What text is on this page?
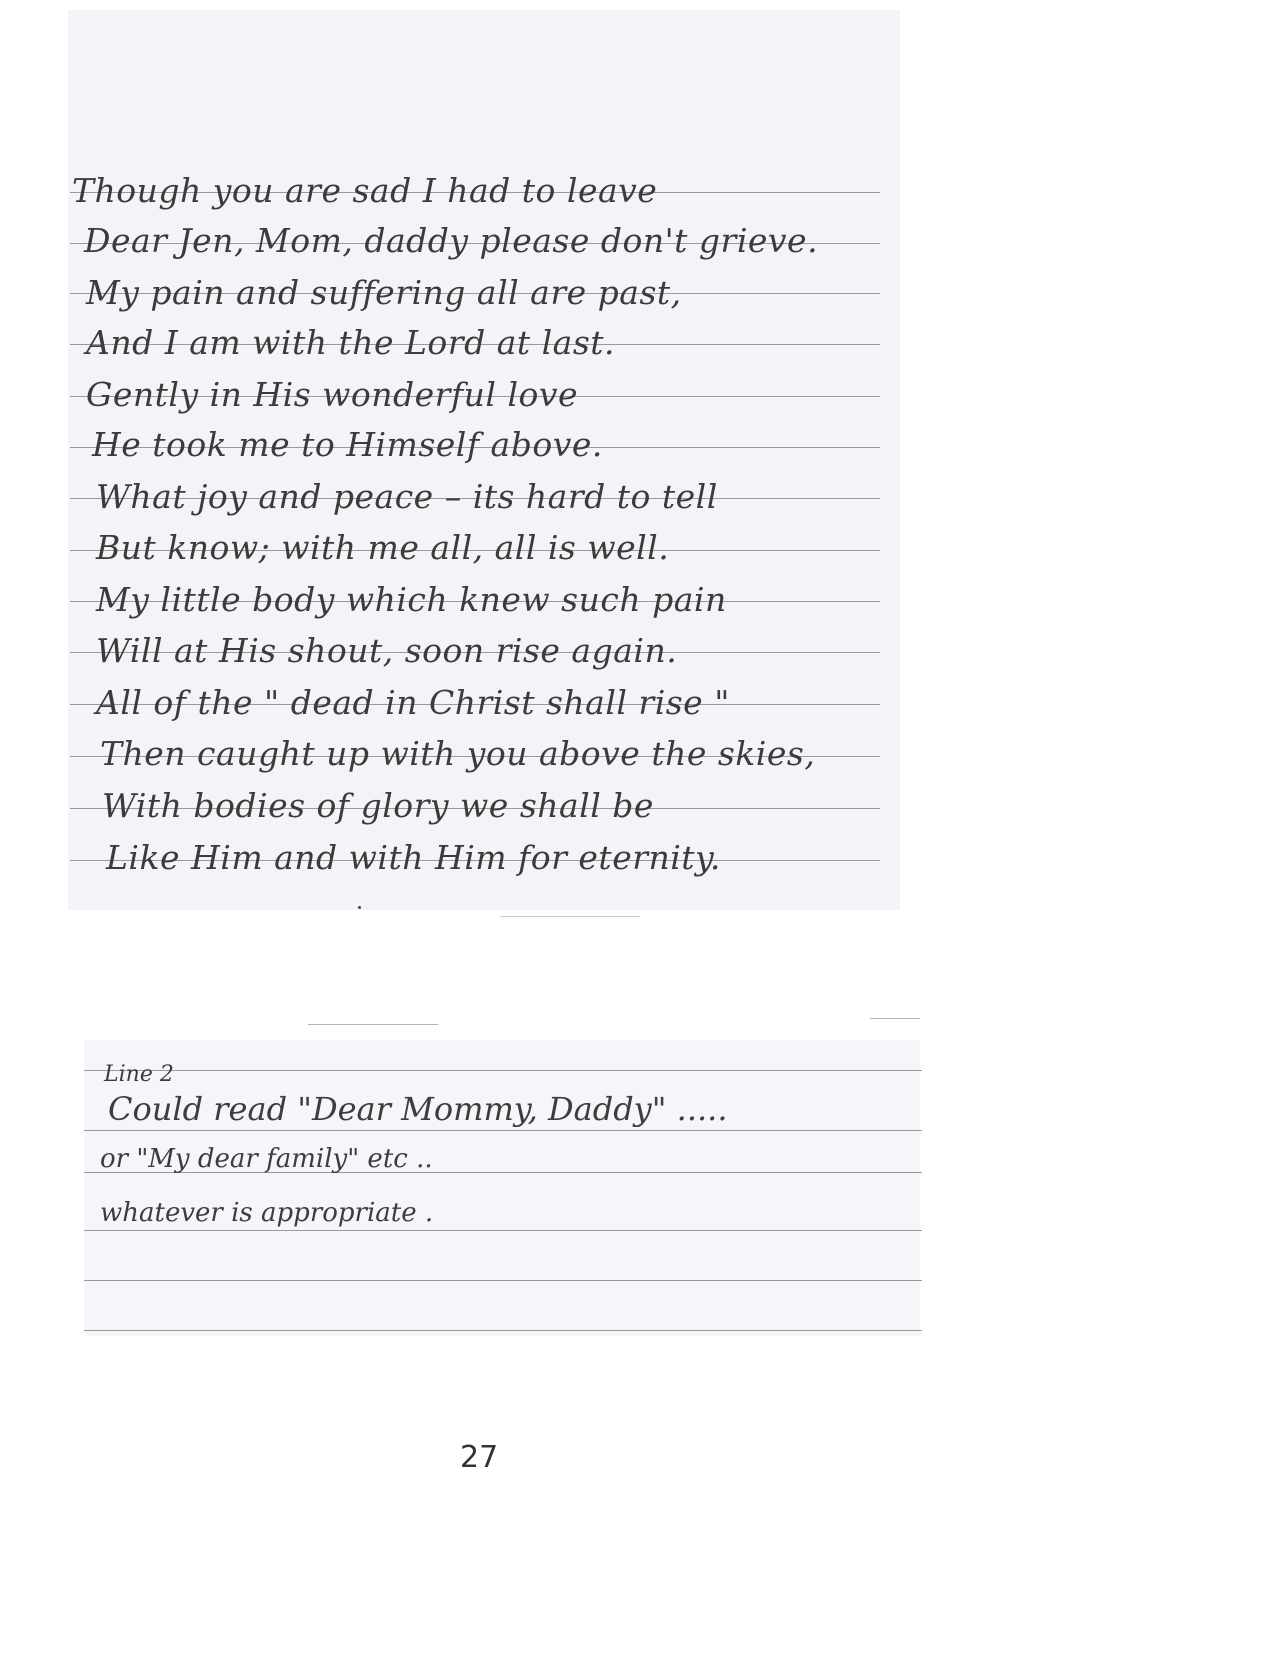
Though you are sad I had to leave
Dear Jen, Mom, daddy please don't grieve.
My pain and suffering all are past,
And I am with the Lord at last.
Gently in His wonderful love
He took me to Himself above.
What joy and peace – its hard to tell
But know; with me all, all is well.
My little body which knew such pain
Will at His shout, soon rise again.
All of the " dead in Christ shall rise "
Then caught up with you above the skies,
With bodies of glory we shall be
Like Him and with Him for eternity.
Line 2
Could read "Dear Mommy, Daddy" .....
or "My dear family" etc ..
whatever is appropriate .
27
